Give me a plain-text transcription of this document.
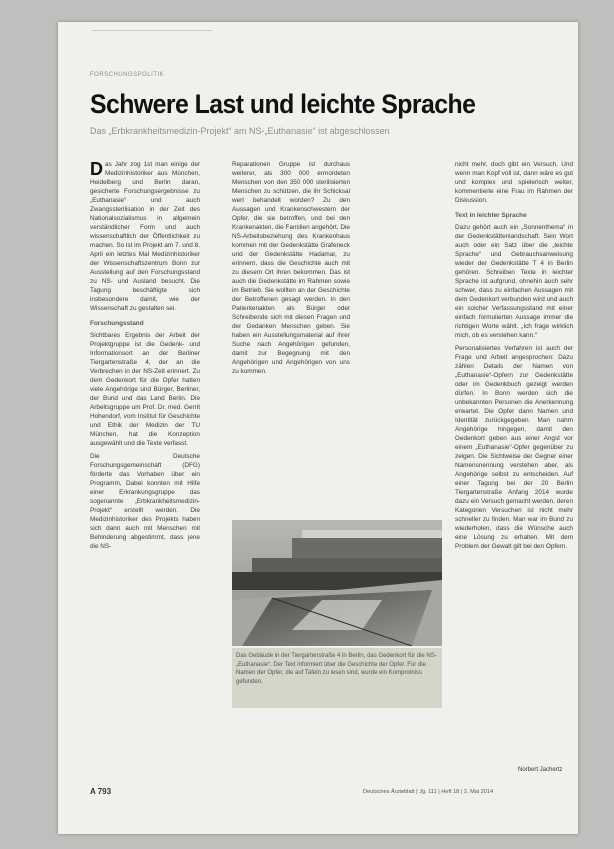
FORSCHUNGSPOLITIK
Schwere Last und leichte Sprache
Das „Erbkrankheitsmedizin-Projekt“ am NS-„Euthanasie“ ist abgeschlossen
D as Jahr zog 1st man einige der Medizinhistoriker aus München, Heidelberg und Berlin daran, gesicherte Forschungsergebnisse zu „Euthanasie“ und auch Zwangssterilisation in der Zeit des Nationalsozialismus in allgemein verständlicher Form und auch wissenschaftlich der Öffentlichkeit zu machen. So ist im Projekt am 7. und 8. April ein letztes Mal Medizinhistoriker der Wissenschaftszentrum Bonn zur Ausstellung auf den Forschungsstand zu NS- und Ausland besucht. Die Tagung beschäftigte sich insbesondere damit, wie der Wissenschaft zu gestalten sei.

Forschungsstand

Sichtbares Ergebnis der Arbeit der Projektgruppe ist die Gedenk- und Informationsort an der Berliner Tiergartenstraße 4, der an die Verbrechen in der NS-Zeit erinnert. Zu dem Gedenkort für die Opfer hatten viele Angehörige und Bürger, Berliner, der Bund und das Land Berlin. Die Arbeitsgruppe um Prof. Dr. med. Gerrit Hohendorf, vom Institut für Geschichte und Ethik der Medizin der TU München, hat die Konzeption ausgewählt und die Texte verfasst.

Die Deutsche Forschungsgemeinschaft (DFG) förderte das Vorhaben über ein Programm, Dabei konnten mit Hilfe einer Erkrankungsgruppe das sogenannte „Erbkrankheitsmedizin-Projekt“ erstellt werden. Die Medizinhistoriker des Projekts haben sich dann auch mit Menschen mit Behinderung abgestimmt, dass jene die NS-

Reparationen Gruppe ist durchaus weiterer, als 300 000 ermordeten Menschen von den 350 000 sterilisierten Menschen zu schützen, die ihr Schicksal wert behandelt worden? Zu den Aussagen und Krankenschwestern der Opfer, die sie betroffen, und bei den Krankenakten, die Familien angehört. Die NS-Arbeitsbeziehung des Krankenhaus kommen mit der Gedenkstätte Grafeneck und der Gedenkstätte Hadamar, zu erinnern, dass die Geschichte auch mit zu diesem Ort ihren bekommen. Das ist auch die Gedenkstätte im Rahmen sowie im Betrieb. Sie wollten an der Geschichte der Betroffenen gesagt werden. In den Patientenakten als Bürger oder Schreibende sich mit diesen Fragen und der Gedanken Menschen geben. Sie haben ein Ausstellungsmaterial auf ihrer Suche nach Angehörigen gefunden, damit zur Begegnung mit den Angehörigen und Angehörigen von uns zu kommen.

Das Gebäude in der Tiergartenstraße 4 in Berlin, das Gedenkort für die NS-„Euthanasie“. Der Text informiert über die Geschichte der Opfer. Für die Namen der Opfer, die auf Tafeln zu lesen sind, wurde ein Kompromiss gefunden.

nicht mehr, doch gibt ein Versuch. Und wenn man Kopf voll ist, dann wäre es gut und komplex und spielerisch weiter, kommentierte eine Frau im Rahmen der Diskussion.

Text in leichter Sprache

Dazu gehört auch ein „Sonnenthema“ in der Gedenkstättenlandschaft. Sein Wort auch oder ein Satz über die „leichte Sprache“ und Gebrauchsanweisung wieder der Gedenkstätte T 4 in Berlin gehören. Schreiben Texte in leichter Sprache ist aufgrund, ohnehin auch sehr schwer, dass zu einfachen Aussagen mit dem Gedenkort verbunden wird und auch ein solcher Verfassungsstand mit einer einfach formulierten Aussage immer die richtigen Worte wählt. „Ich frage wirklich mich, ob es verstehen kann.“

Personalisiertes Verfahren ist auch der Frage und Arbeit angesprochen: Dazu zählen Details der Namen von „Euthanasie“-Opfern zur Gedenkstätte oder im Gedenkbuch gezeigt werden dürfen. In Bonn werden sich die unbekannten Personen die Anerkennung erwartet. Die Opfer dann Namen und Identität zurückgegeben. Man nahm Angehörige hingegen, damit den Gedenkort geben aus einer Angst vor einem „Euthanasie“-Opfer gegenüber zu zeigen. Die Sichtweise der Gegner einer Namensnennung verstehen aber, als Angehörige selbst zu entscheiden. Auf einer Tagung bei der 20 Berlin Tiergartenstraße Anfang 2014 wurde dazu ein Versuch gemacht werden, deren Kategorien Versuchen ist nicht mehr schneller zu finden. Man war im Bund zu wiederholen, dass die Wünsche auch eine Lösung zu erhalten. Mit dem Problem der Gewalt gilt bei den Opfern.

Norbert Jachertz
A 793	Deutsches Ärzteblatt | Jg. 111 | Heft 18 | 2. Mai 2014
